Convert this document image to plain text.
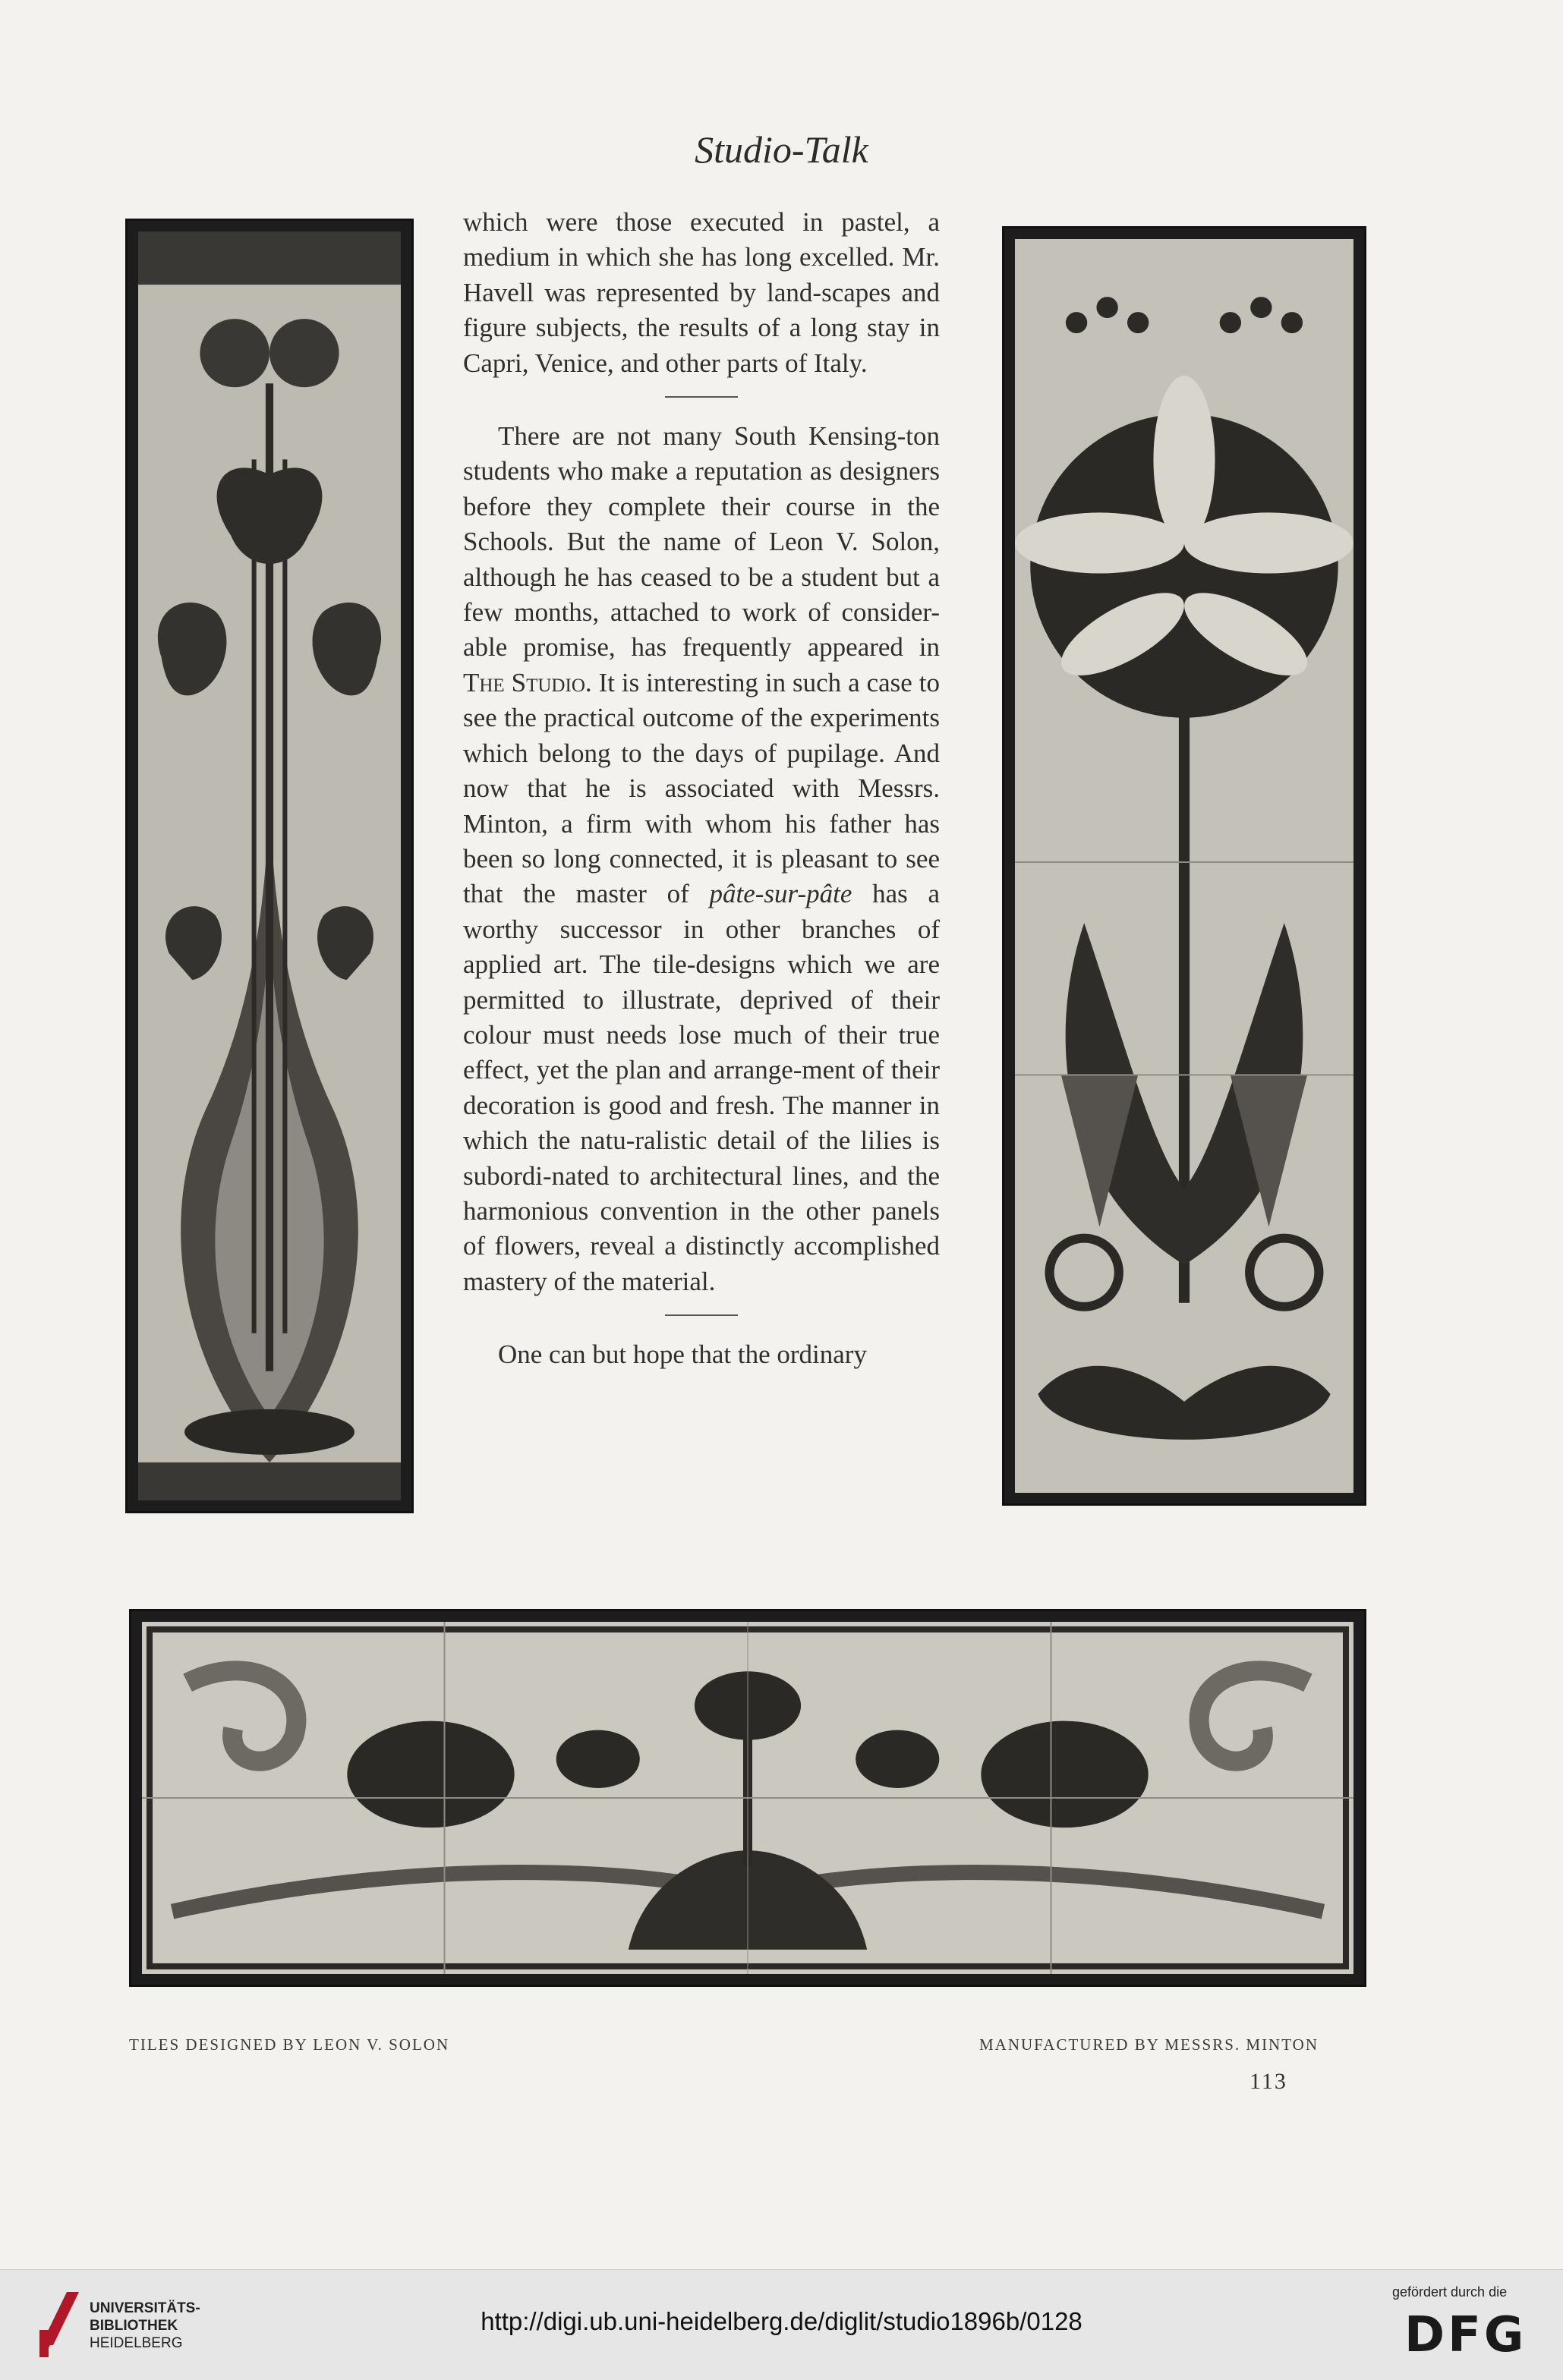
Studio-Talk

which were those executed in pastel, a medium in which she has long excelled. Mr. Havell was represented by land-scapes and figure subjects, the results of a long stay in Capri, Venice, and other parts of Italy.

There are not many South Kensing-ton students who make a reputation as designers before they complete their course in the Schools. But the name of Leon V. Solon, although he has ceased to be a student but a few months, attached to work of consider-able promise, has frequently appeared in The Studio. It is interesting in such a case to see the practical outcome of the experiments which belong to the days of pupilage. And now that he is associated with Messrs. Minton, a firm with whom his father has been so long connected, it is pleasant to see that the master of pâte-sur-pâte has a worthy successor in other branches of applied art. The tile-designs which we are permitted to illustrate, deprived of their colour must needs lose much of their true effect, yet the plan and arrange-ment of their decoration is good and fresh. The manner in which the natu-ralistic detail of the lilies is subordi-nated to architectural lines, and the harmonious convention in the other panels of flowers, reveal a distinctly accomplished mastery of the material.

One can but hope that the ordinary

TILES DESIGNED BY LEON V. SOLON	MANUFACTURED BY MESSRS. MINTON
113
UNIVERSITÄTS-
BIBLIOTHEK
HEIDELBERG
http://digi.ub.uni-heidelberg.de/diglit/studio1896b/0128
gefördert durch die
DFG
